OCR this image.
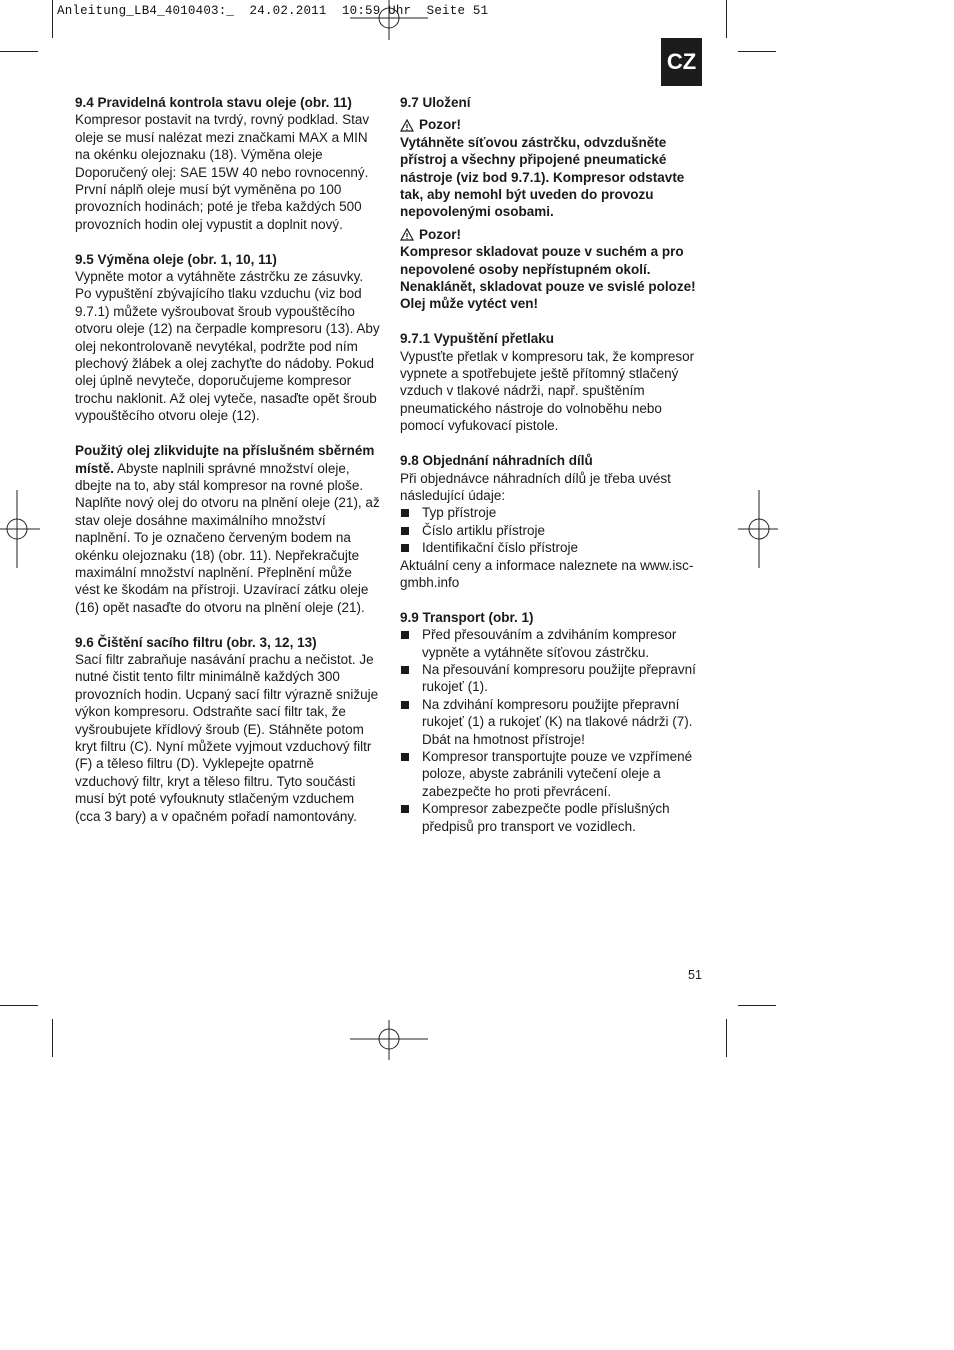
Anleitung_LB4_4010403:_  24.02.2011  10:59 Uhr  Seite 51
CZ

9.4 Pravidelná kontrola stavu oleje (obr. 11)

Kompresor postavit na tvrdý, rovný podklad. Stav oleje se musí nalézat mezi značkami MAX a MIN na okénku olejoznaku (18). Výměna oleje Doporučený olej: SAE 15W 40 nebo rovnocenný. První náplň oleje musí být vyměněna po 100 provozních hodinách; poté je třeba každých 500 provozních hodin olej vypustit a doplnit nový.

9.5 Výměna oleje (obr. 1, 10, 11)

Vypněte motor a vytáhněte zástrčku ze zásuvky. Po vypuštění zbývajícího tlaku vzduchu (viz bod 9.7.1) můžete vyšroubovat šroub vypouštěcího otvoru oleje (12) na čerpadle kompresoru (13). Aby olej nekontrolovaně nevytékal, podržte pod ním plechový žlábek a olej zachyťte do nádoby. Pokud olej úplně nevyteče, doporučujeme kompresor trochu naklonit. Až olej vyteče, nasaďte opět šroub vypouštěcího otvoru oleje (12).

Použitý olej zlikvidujte na příslušném sběrném místě. Abyste naplnili správné množství oleje, dbejte na to, aby stál kompresor na rovné ploše. Naplňte nový olej do otvoru na plnění oleje (21), až stav oleje dosáhne maximálního množství naplnění. To je označeno červeným bodem na okénku olejoznaku (18) (obr. 11). Nepřekračujte maximální množství naplnění. Přeplnění může vést ke škodám na přístroji. Uzavírací zátku oleje (16) opět nasaďte do otvoru na plnění oleje (21).

9.6 Čištění sacího filtru (obr. 3, 12, 13)

Sací filtr zabraňuje nasávání prachu a nečistot. Je nutné čistit tento filtr minimálně každých 300 provozních hodin. Ucpaný sací filtr výrazně snižuje výkon kompresoru. Odstraňte sací filtr tak, že vyšroubujete křídlový šroub (E). Stáhněte potom kryt filtru (C). Nyní můžete vyjmout vzduchový filtr (F) a těleso filtru (D). Vyklepejte opatrně vzduchový filtr, kryt a těleso filtru. Tyto součásti musí být poté vyfouknuty stlačeným vzduchem (cca 3 bary) a v opačném pořadí namontovány.

9.7 Uložení

Pozor!

Vytáhněte síťovou zástrčku, odvzdušněte přístroj a všechny připojené pneumatické nástroje (viz bod 9.7.1). Kompresor odstavte tak, aby nemohl být uveden do provozu nepovolenými osobami.

Pozor!

Kompresor skladovat pouze v suchém a pro nepovolené osoby nepřístupném okolí. Nenaklánět, skladovat pouze ve svislé poloze! Olej může vytéct ven!

9.7.1 Vypuštění přetlaku

Vypusťte přetlak v kompresoru tak, že kompresor vypnete a spotřebujete ještě přítomný stlačený vzduch v tlakové nádrži, např. spuštěním pneumatického nástroje do volnoběhu nebo pomocí vyfukovací pistole.

9.8 Objednání náhradních dílů

Při objednávce náhradních dílů je třeba uvést následující údaje:

Typ přístroje
Číslo artiklu přístroje
Identifikační číslo přístroje

Aktuální ceny a informace naleznete na www.isc-gmbh.info

9.9 Transport (obr. 1)

Před přesouváním a zdviháním kompresor vypněte a vytáhněte síťovou zástrčku.
Na přesouvání kompresoru použijte přepravní rukojeť (1).
Na zdvihání kompresoru použijte přepravní rukojeť (1) a rukojeť (K) na tlakové nádrži (7).
Dbát na hmotnost přístroje!
Kompresor transportujte pouze ve vzpřímené poloze, abyste zabránili vytečení oleje a zabezpečte ho proti převrácení.
Kompresor zabezpečte podle příslušných předpisů pro transport ve vozidlech.
51
